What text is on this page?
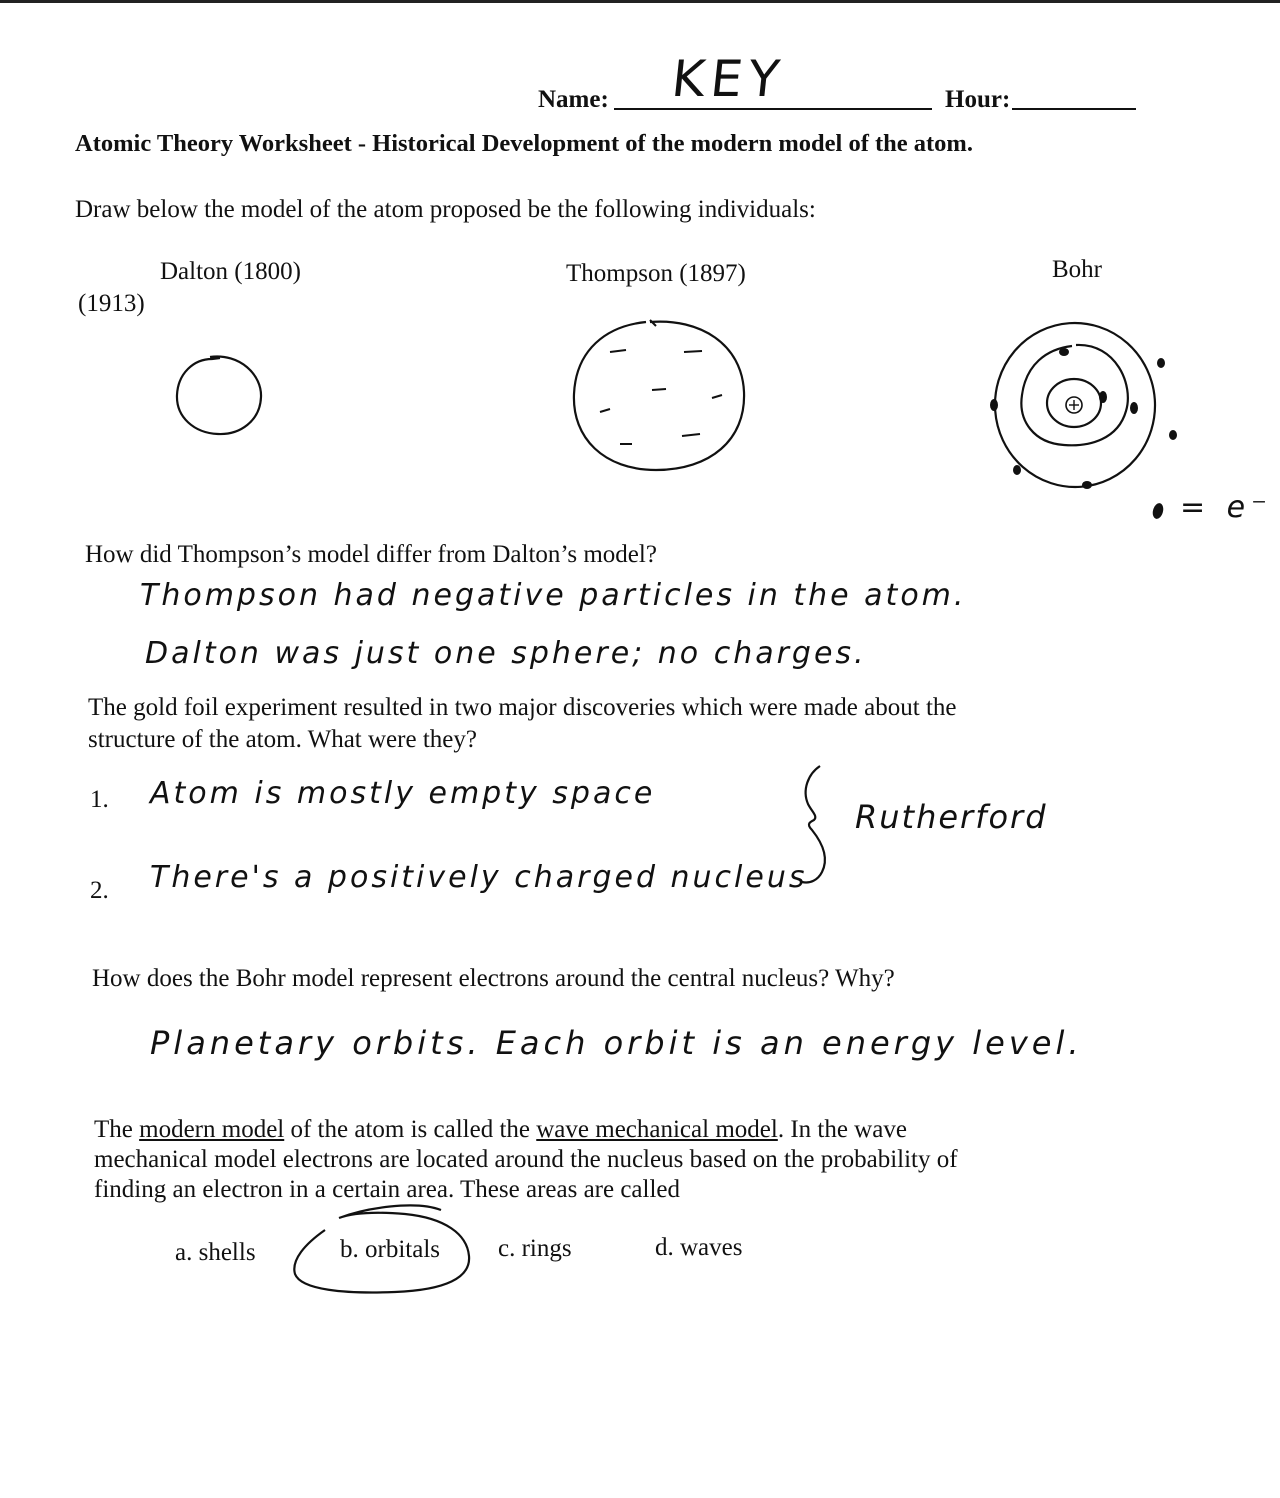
Name: KEY	Hour:
Atomic Theory Worksheet - Historical Development of the modern model of the atom.
Draw below the model of the atom proposed be the following individuals:
Dalton (1800)	Thompson (1897)	Bohr
(1913)
= e⁻
How did Thompson’s model differ from Dalton’s model?
Thompson had negative particles in the atom.
Dalton was just one sphere; no charges.
The gold foil experiment resulted in two major discoveries which were made about the
structure of the atom. What were they?
1. Atom is mostly empty space
2. There's a positively charged nucleus
Rutherford
How does the Bohr model represent electrons around the central nucleus? Why?
Planetary orbits. Each orbit is an energy level.
The modern model of the atom is called the wave mechanical model. In the wave
mechanical model electrons are located around the nucleus based on the probability of
finding an electron in a certain area. These areas are called
a. shells	b. orbitals c. rings	d. waves
